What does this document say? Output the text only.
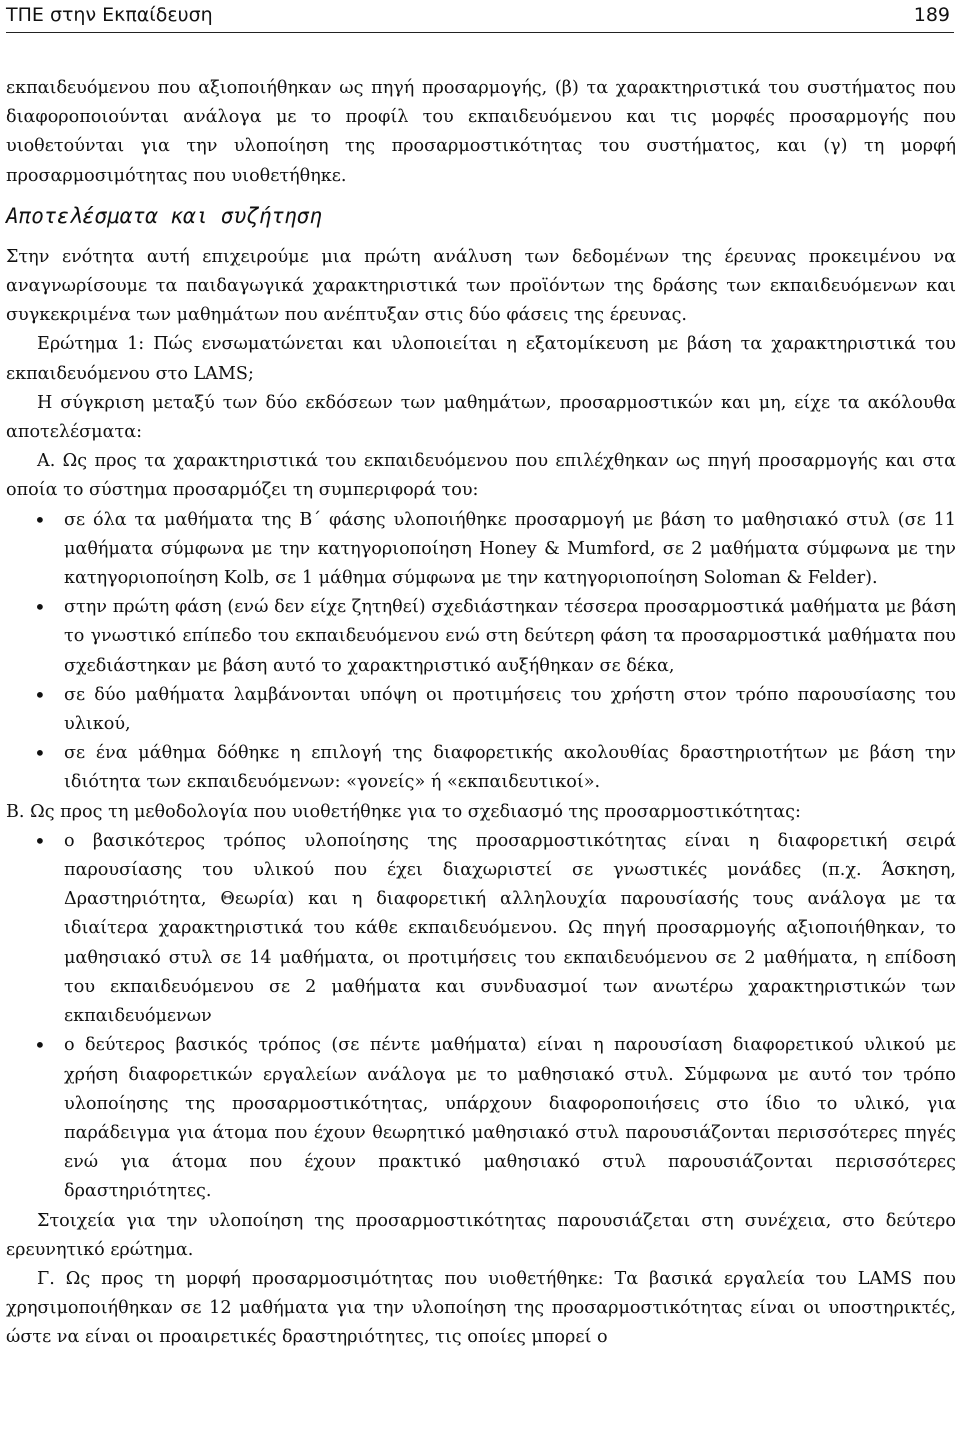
ΤΠΕ στην Εκπαίδευση	189

εκπαιδευόμενου που αξιοποιήθηκαν ως πηγή προσαρμογής, (β) τα χαρακτηριστικά του συστήματος που διαφοροποιούνται ανάλογα με το προφίλ του εκπαιδευόμενου και τις μορφές προσαρμογής που υιοθετούνται για την υλοποίηση της προσαρμοστικότητας του συστήματος, και (γ) τη μορφή προσαρμοσιμότητας που υιοθετήθηκε.

Αποτελέσματα και συζήτηση

Στην ενότητα αυτή επιχειρούμε μια πρώτη ανάλυση των δεδομένων της έρευνας προκειμένου να αναγνωρίσουμε τα παιδαγωγικά χαρακτηριστικά των προϊόντων της δράσης των εκπαιδευόμενων και συγκεκριμένα των μαθημάτων που ανέπτυξαν στις δύο φάσεις της έρευνας.

Ερώτημα 1: Πώς ενσωματώνεται και υλοποιείται η εξατομίκευση με βάση τα χαρακτηριστικά του εκπαιδευόμενου στο LAMS;

Η σύγκριση μεταξύ των δύο εκδόσεων των μαθημάτων, προσαρμοστικών και μη, είχε τα ακόλουθα αποτελέσματα:

Α. Ως προς τα χαρακτηριστικά του εκπαιδευόμενου που επιλέχθηκαν ως πηγή προσαρμογής και στα οποία το σύστημα προσαρμόζει τη συμπεριφορά του:

• σε όλα τα μαθήματα της Β΄ φάσης υλοποιήθηκε προσαρμογή με βάση το μαθησιακό στυλ (σε 11 μαθήματα σύμφωνα με την κατηγοριοποίηση Honey & Mumford, σε 2 μαθήματα σύμφωνα με την κατηγοριοποίηση Kolb, σε 1 μάθημα σύμφωνα με την κατηγοριοποίηση Soloman & Felder).
• στην πρώτη φάση (ενώ δεν είχε ζητηθεί) σχεδιάστηκαν τέσσερα προσαρμοστικά μαθήματα με βάση το γνωστικό επίπεδο του εκπαιδευόμενου ενώ στη δεύτερη φάση τα προσαρμοστικά μαθήματα που σχεδιάστηκαν με βάση αυτό το χαρακτηριστικό αυξήθηκαν σε δέκα,
• σε δύο μαθήματα λαμβάνονται υπόψη οι προτιμήσεις του χρήστη στον τρόπο παρουσίασης του υλικού,
• σε ένα μάθημα δόθηκε η επιλογή της διαφορετικής ακολουθίας δραστηριοτήτων με βάση την ιδιότητα των εκπαιδευόμενων: «γονείς» ή «εκπαιδευτικοί».

Β. Ως προς τη μεθοδολογία που υιοθετήθηκε για το σχεδιασμό της προσαρμοστικότητας:

• ο βασικότερος τρόπος υλοποίησης της προσαρμοστικότητας είναι η διαφορετική σειρά παρουσίασης του υλικού που έχει διαχωριστεί σε γνωστικές μονάδες (π.χ. Άσκηση, Δραστηριότητα, Θεωρία) και η διαφορετική αλληλουχία παρουσίασής τους ανάλογα με τα ιδιαίτερα χαρακτηριστικά του κάθε εκπαιδευόμενου. Ως πηγή προσαρμογής αξιοποιήθηκαν, το μαθησιακό στυλ σε 14 μαθήματα, οι προτιμήσεις του εκπαιδευόμενου σε 2 μαθήματα, η επίδοση του εκπαιδευόμενου σε 2 μαθήματα και συνδυασμοί των ανωτέρω χαρακτηριστικών των εκπαιδευόμενων
• ο δεύτερος βασικός τρόπος (σε πέντε μαθήματα) είναι η παρουσίαση διαφορετικού υλικού με χρήση διαφορετικών εργαλείων ανάλογα με το μαθησιακό στυλ. Σύμφωνα με αυτό τον τρόπο υλοποίησης της προσαρμοστικότητας, υπάρχουν διαφοροποιήσεις στο ίδιο το υλικό, για παράδειγμα για άτομα που έχουν θεωρητικό μαθησιακό στυλ παρουσιάζονται περισσότερες πηγές ενώ για άτομα που έχουν πρακτικό μαθησιακό στυλ παρουσιάζονται περισσότερες δραστηριότητες.

Στοιχεία για την υλοποίηση της προσαρμοστικότητας παρουσιάζεται στη συνέχεια, στο δεύτερο ερευνητικό ερώτημα.

Γ. Ως προς τη μορφή προσαρμοσιμότητας που υιοθετήθηκε: Τα βασικά εργαλεία του LAMS που χρησιμοποιήθηκαν σε 12 μαθήματα για την υλοποίηση της προσαρμοστικότητας είναι οι υποστηρικτές, ώστε να είναι οι προαιρετικές δραστηριότητες, τις οποίες μπορεί ο
